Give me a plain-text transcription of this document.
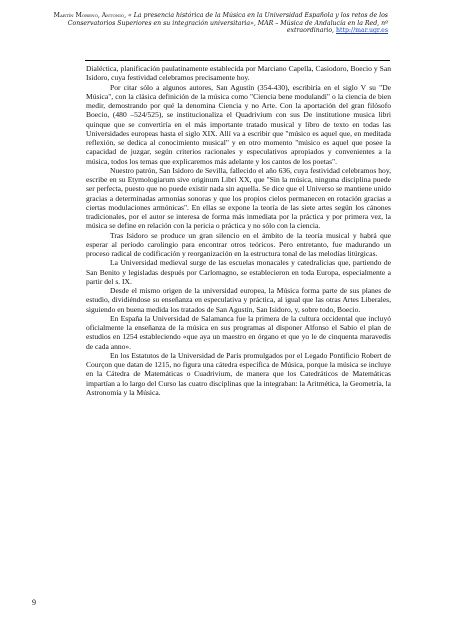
Martín Moreno, Antonio, « La presencia histórica de la Música en la Universidad Española y los retos de los Conservatorios Superiores en su integración universitaria», MAR – Música de Andalucía en la Red, nº extraordinario, http://mar.ugr.es

Dialéctica, planificación paulatinamente establecida por Marciano Capella, Casiodoro, Boecio y San Isidoro, cuya festividad celebramos precisamente hoy.

Por citar sólo a algunos autores, San Agustín (354-430), escribiría en el siglo V su "De Música", con la clásica definición de la música como "Ciencia bene modulandi" o la ciencia de bien medir, demostrando por qué la denomina Ciencia y no Arte. Con la aportación del gran filósofo Boecio, (480 –524/525), se institucionaliza el Quadrivium con sus De institutione musica libri quinque que se convertiría en el más importante tratado musical y libro de texto en todas las Universidades europeas hasta el siglo XIX. Allí va a escribir que "músico es aquel que, en meditada reflexión, se dedica al conocimiento musical" y en otro momento "músico es aquel que posee la capacidad de juzgar, según criterios racionales y especulativos apropiados y convenientes a la música, todos los temas que explicaremos más adelante y los cantos de los poetas".

Nuestro patrón, San Isidoro de Sevilla, fallecido el año 636, cuya festividad celebramos hoy, escribe en su Etymologiarum sive originum Libri XX, que "Sin la música, ninguna disciplina puede ser perfecta, puesto que no puede existir nada sin aquella. Se dice que el Universo se mantiene unido gracias a determinadas armonías sonoras y que los propios cielos permanecen en rotación gracias a ciertas modulaciones armónicas". En ellas se expone la teoría de las siete artes según los cánones tradicionales, por el autor se interesa de forma más inmediata por la práctica y por primera vez, la música se define en relación con la pericia o práctica y no sólo con la ciencia.

Tras Isidoro se produce un gran silencio en el ámbito de la teoría musical y habrá que esperar al período carolingio para encontrar otros teóricos. Pero entretanto, fue madurando un proceso radical de codificación y reorganización en la estructura tonal de las melodías litúrgicas.

La Universidad medieval surge de las escuelas monacales y catedralicias que, partiendo de San Benito y legisladas después por Carlomagno, se establecieron en toda Europa, especialmente a partir del s. IX.

Desde el mismo origen de la universidad europea, la Música forma parte de sus planes de estudio, dividiéndose su enseñanza en especulativa y práctica, al igual que las otras Artes Liberales, siguiendo en buena medida los tratados de San Agustín, San Isidoro, y, sobre todo, Boecio.

En España la Universidad de Salamanca fue la primera de la cultura occidental que incluyó oficialmente la enseñanza de la música en sus programas al disponer Alfonso el Sabio el plan de estudios en 1254 estableciendo «que aya un maestro en órgano et que yo le de cinquenta maravedis de cada anno».

En los Estatutos de la Universidad de París promulgados por el Legado Pontificio Robert de Courçon que datan de 1215, no figura una cátedra específica de Música, porque la música se incluye en la Cátedra de Matemáticas o Cuadrivium, de manera que los Catedráticos de Matemáticas impartían a lo largo del Curso las cuatro disciplinas que la integraban: la Aritmética, la Geometría, la Astronomía y la Música.

9
